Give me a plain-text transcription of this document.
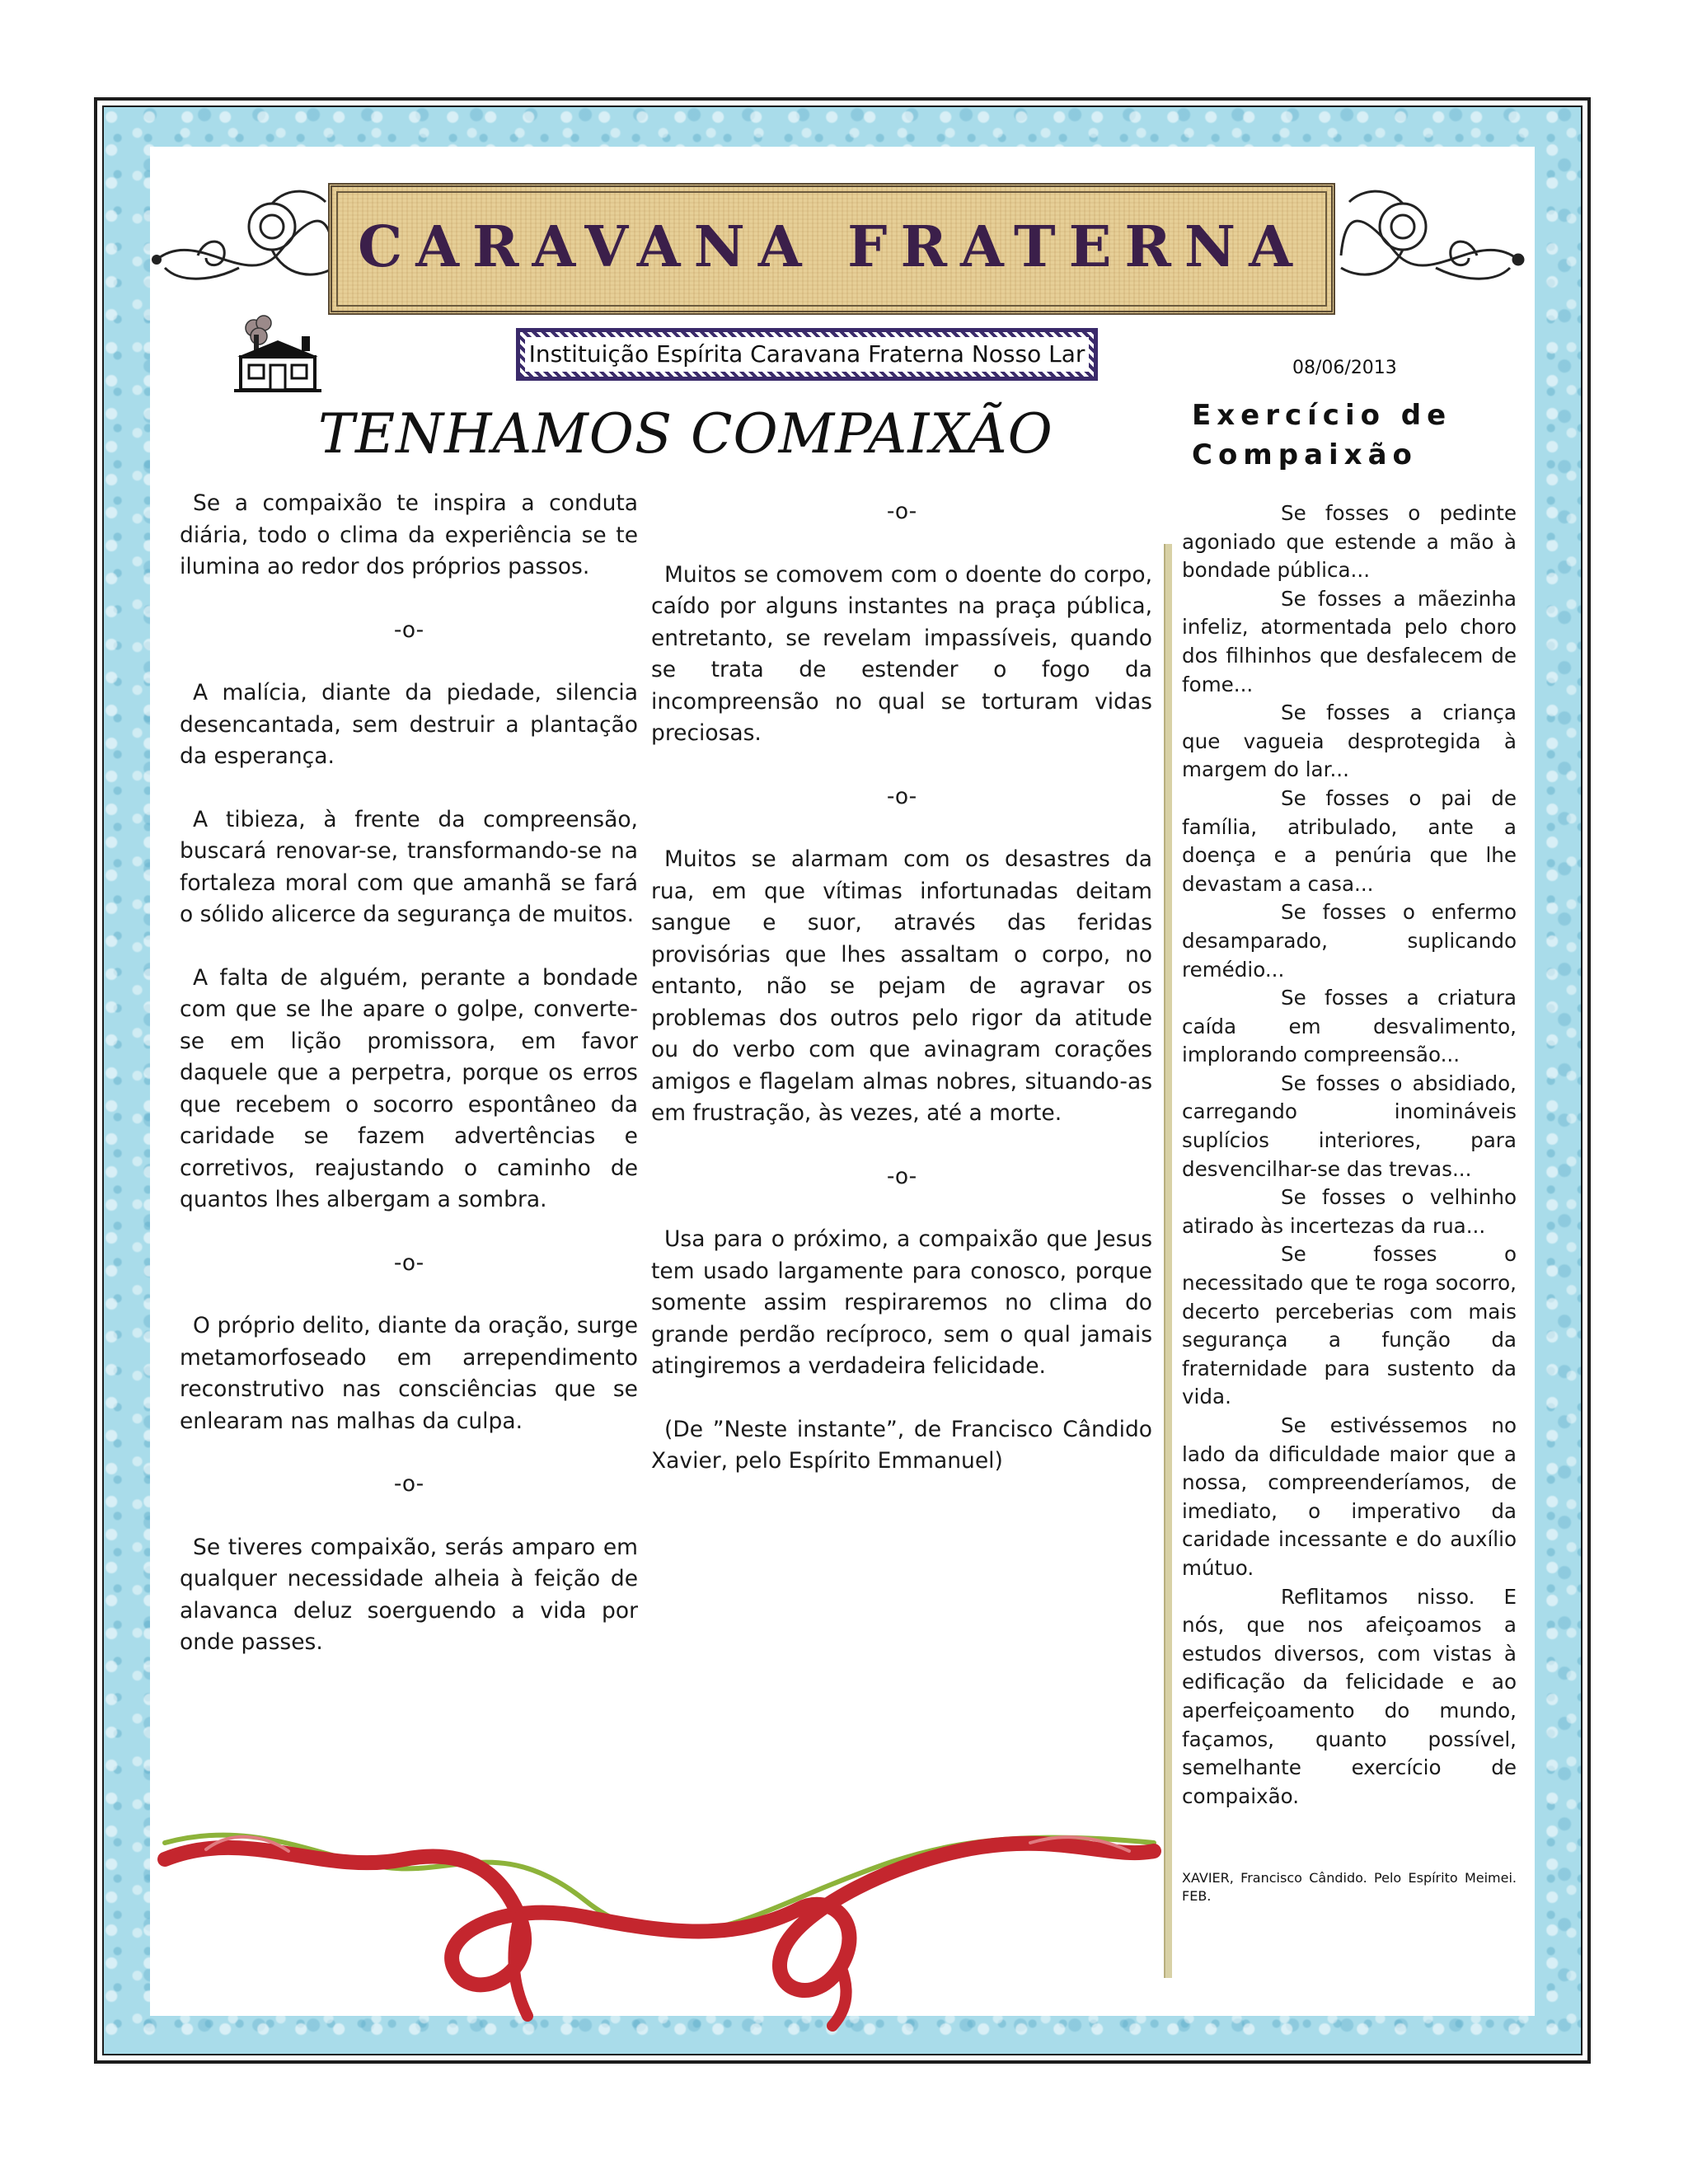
CARAVANA FRATERNA
Instituição Espírita Caravana Fraterna Nosso Lar
08/06/2013
TENHAMOS COMPAIXÃO	Exercício de
Compaixão

Se a compaixão te inspira a conduta diária, todo o clima da experiência se te ilumina ao redor dos próprios passos.

-o-

A malícia, diante da piedade, silencia desencantada, sem destruir a plantação da esperança.

A tibieza, à frente da compreensão, buscará renovar-se, transformando-se na fortaleza moral com que amanhã se fará o sólido alicerce da segurança de muitos.

A falta de alguém, perante a bondade com que se lhe apare o golpe, converte-se em lição promissora, em favor daquele que a perpetra, porque os erros que recebem o socorro espontâneo da caridade se fazem advertências e corretivos, reajustando o caminho de quantos lhes albergam a sombra.

-o-

O próprio delito, diante da oração, surge metamorfoseado em arrependimento reconstrutivo nas consciências que se enlearam nas malhas da culpa.

-o-

Se tiveres compaixão, serás amparo em qualquer necessidade alheia à feição de alavanca deluz soerguendo a vida por onde passes.

-o-

Muitos se comovem com o doente do corpo, caído por alguns instantes na praça pública, entretanto, se revelam impassíveis, quando se trata de estender o fogo da incompreensão no qual se torturam vidas preciosas.

-o-

Muitos se alarmam com os desastres da rua, em que vítimas infortunadas deitam sangue e suor, através das feridas provisórias que lhes assaltam o corpo, no entanto, não se pejam de agravar os problemas dos outros pelo rigor da atitude ou do verbo com que avinagram corações amigos e flagelam almas nobres, situando-as em frustração, às vezes, até a morte.

-o-

Usa para o próximo, a compaixão que Jesus tem usado largamente para conosco, porque somente assim respiraremos no clima do grande perdão recíproco, sem o qual jamais atingiremos a verdadeira felicidade.

(De ”Neste instante”, de Francisco Cândido Xavier, pelo Espírito Emmanuel)

Se fosses o pedinte agoniado que estende a mão à bondade pública...

Se fosses a mãezinha infeliz, atormentada pelo choro dos filhinhos que desfalecem de fome...

Se fosses a criança que vagueia desprotegida à margem do lar...

Se fosses o pai de família, atribulado, ante a doença e a penúria que lhe devastam a casa...

Se fosses o enfermo desamparado, suplicando remédio...

Se fosses a criatura caída em desvalimento, implorando compreensão...

Se fosses o absidiado, carregando inomináveis suplícios interiores, para desvencilhar-se das trevas...

Se fosses o velhinho atirado às incertezas da rua...

Se fosses o necessitado que te roga socorro, decerto perceberias com mais segurança a função da fraternidade para sustento da vida.

Se estivéssemos no lado da dificuldade maior que a nossa, compreenderíamos, de imediato, o imperativo da caridade incessante e do auxílio mútuo.

Reflitamos nisso. E nós, que nos afeiçoamos a estudos diversos, com vistas à edificação da felicidade e ao aperfeiçoamento do mundo, façamos, quanto possível, semelhante exercício de compaixão.

XAVIER, Francisco Cândido. Pelo Espírito Meimei. FEB.
